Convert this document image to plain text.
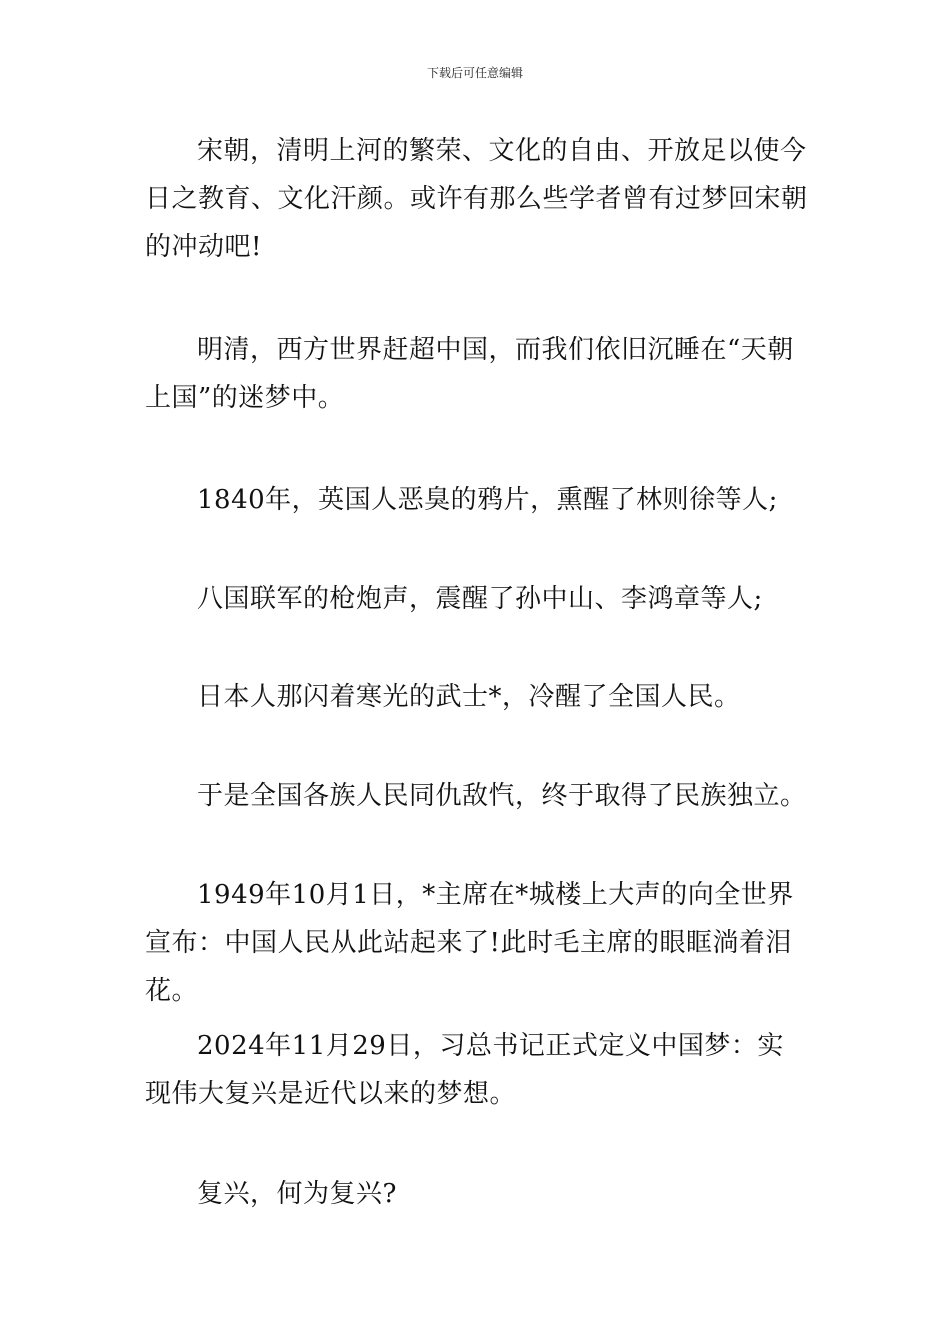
下载后可任意编辑

宋朝，清明上河的繁荣、文化的自由、开放足以使今日之教育、文化汗颜。或许有那么些学者曾有过梦回宋朝的冲动吧!

明清，西方世界赶超中国，而我们依旧沉睡在“天朝上国”的迷梦中。

1840年，英国人恶臭的鸦片，熏醒了林则徐等人;

八国联军的枪炮声，震醒了孙中山、李鸿章等人;

日本人那闪着寒光的武士*，冷醒了全国人民。

于是全国各族人民同仇敌忾，终于取得了民族独立。

1949年10月1日，*主席在*城楼上大声的向全世界宣布：中国人民从此站起来了!此时毛主席的眼眶淌着泪花。

2024年11月29日，习总书记正式定义中国梦：实现伟大复兴是近代以来的梦想。

复兴，何为复兴?
